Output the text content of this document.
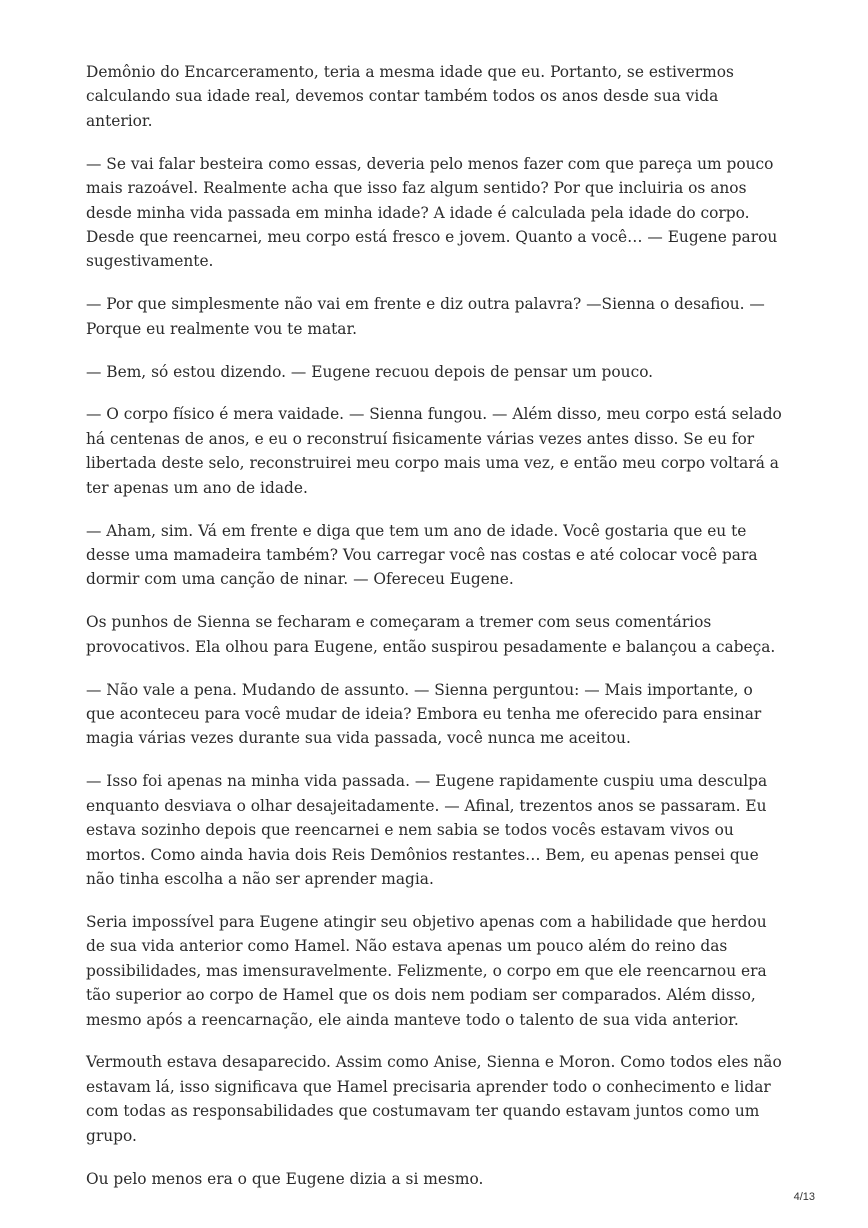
Demônio do Encarceramento, teria a mesma idade que eu. Portanto, se estivermos calculando sua idade real, devemos contar também todos os anos desde sua vida anterior.

— Se vai falar besteira como essas, deveria pelo menos fazer com que pareça um pouco mais razoável. Realmente acha que isso faz algum sentido? Por que incluiria os anos desde minha vida passada em minha idade? A idade é calculada pela idade do corpo. Desde que reencarnei, meu corpo está fresco e jovem. Quanto a você… — Eugene parou sugestivamente.

— Por que simplesmente não vai em frente e diz outra palavra? —Sienna o desafiou. — Porque eu realmente vou te matar.

— Bem, só estou dizendo. — Eugene recuou depois de pensar um pouco.

— O corpo físico é mera vaidade. — Sienna fungou. — Além disso, meu corpo está selado há centenas de anos, e eu o reconstruí fisicamente várias vezes antes disso. Se eu for libertada deste selo, reconstruirei meu corpo mais uma vez, e então meu corpo voltará a ter apenas um ano de idade.

— Aham, sim. Vá em frente e diga que tem um ano de idade. Você gostaria que eu te desse uma mamadeira também? Vou carregar você nas costas e até colocar você para dormir com uma canção de ninar. — Ofereceu Eugene.

Os punhos de Sienna se fecharam e começaram a tremer com seus comentários provocativos. Ela olhou para Eugene, então suspirou pesadamente e balançou a cabeça.

— Não vale a pena. Mudando de assunto. — Sienna perguntou: — Mais importante, o que aconteceu para você mudar de ideia? Embora eu tenha me oferecido para ensinar magia várias vezes durante sua vida passada, você nunca me aceitou.

— Isso foi apenas na minha vida passada. — Eugene rapidamente cuspiu uma desculpa enquanto desviava o olhar desajeitadamente. — Afinal, trezentos anos se passaram. Eu estava sozinho depois que reencarnei e nem sabia se todos vocês estavam vivos ou mortos. Como ainda havia dois Reis Demônios restantes… Bem, eu apenas pensei que não tinha escolha a não ser aprender magia.

Seria impossível para Eugene atingir seu objetivo apenas com a habilidade que herdou de sua vida anterior como Hamel. Não estava apenas um pouco além do reino das possibilidades, mas imensuravelmente. Felizmente, o corpo em que ele reencarnou era tão superior ao corpo de Hamel que os dois nem podiam ser comparados. Além disso, mesmo após a reencarnação, ele ainda manteve todo o talento de sua vida anterior.

Vermouth estava desaparecido. Assim como Anise, Sienna e Moron. Como todos eles não estavam lá, isso significava que Hamel precisaria aprender todo o conhecimento e lidar com todas as responsabilidades que costumavam ter quando estavam juntos como um grupo.

Ou pelo menos era o que Eugene dizia a si mesmo.

4/13
